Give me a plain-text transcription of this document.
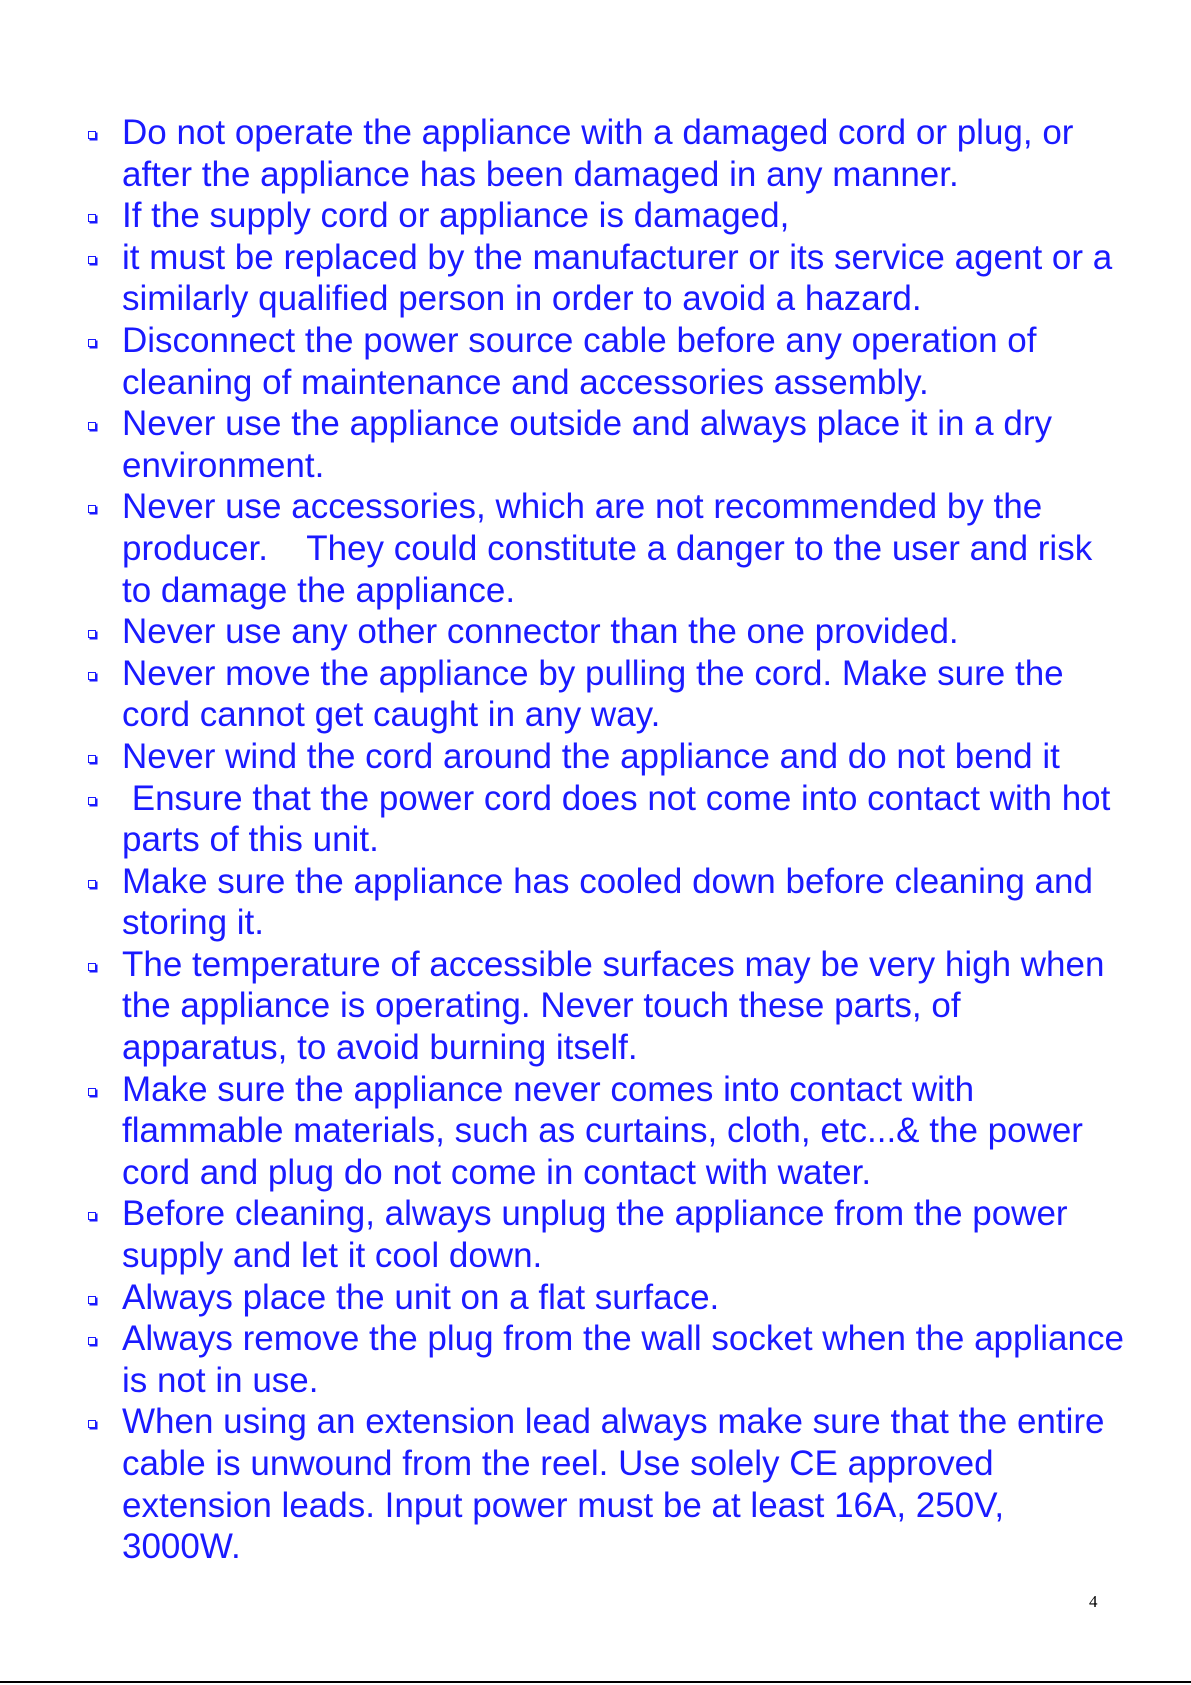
Do not operate the appliance with a damaged cord or plug, or after the appliance has been damaged in any manner.
If the supply cord or appliance is damaged,
it must be replaced by the manufacturer or its service agent or a similarly qualified person in order to avoid a hazard.
Disconnect the power source cable before any operation of cleaning of maintenance and accessories assembly.
Never use the appliance outside and always place it in a dry environment.
Never use accessories, which are not recommended by the producer.    They could constitute a danger to the user and risk to damage the appliance.
Never use any other connector than the one provided.
Never move the appliance by pulling the cord. Make sure the cord cannot get caught in any way.
Never wind the cord around the appliance and do not bend it
Ensure that the power cord does not come into contact with hot parts of this unit.
Make sure the appliance has cooled down before cleaning and storing it.
The temperature of accessible surfaces may be very high when the appliance is operating. Never touch these parts, of apparatus, to avoid burning itself.
Make sure the appliance never comes into contact with flammable materials, such as curtains, cloth, etc...& the power cord and plug do not come in contact with water.
Before cleaning, always unplug the appliance from the power supply and let it cool down.
Always place the unit on a flat surface.
Always remove the plug from the wall socket when the appliance is not in use.
When using an extension lead always make sure that the entire cable is unwound from the reel. Use solely CE approved extension leads. Input power must be at least 16A, 250V, 3000W.
4
